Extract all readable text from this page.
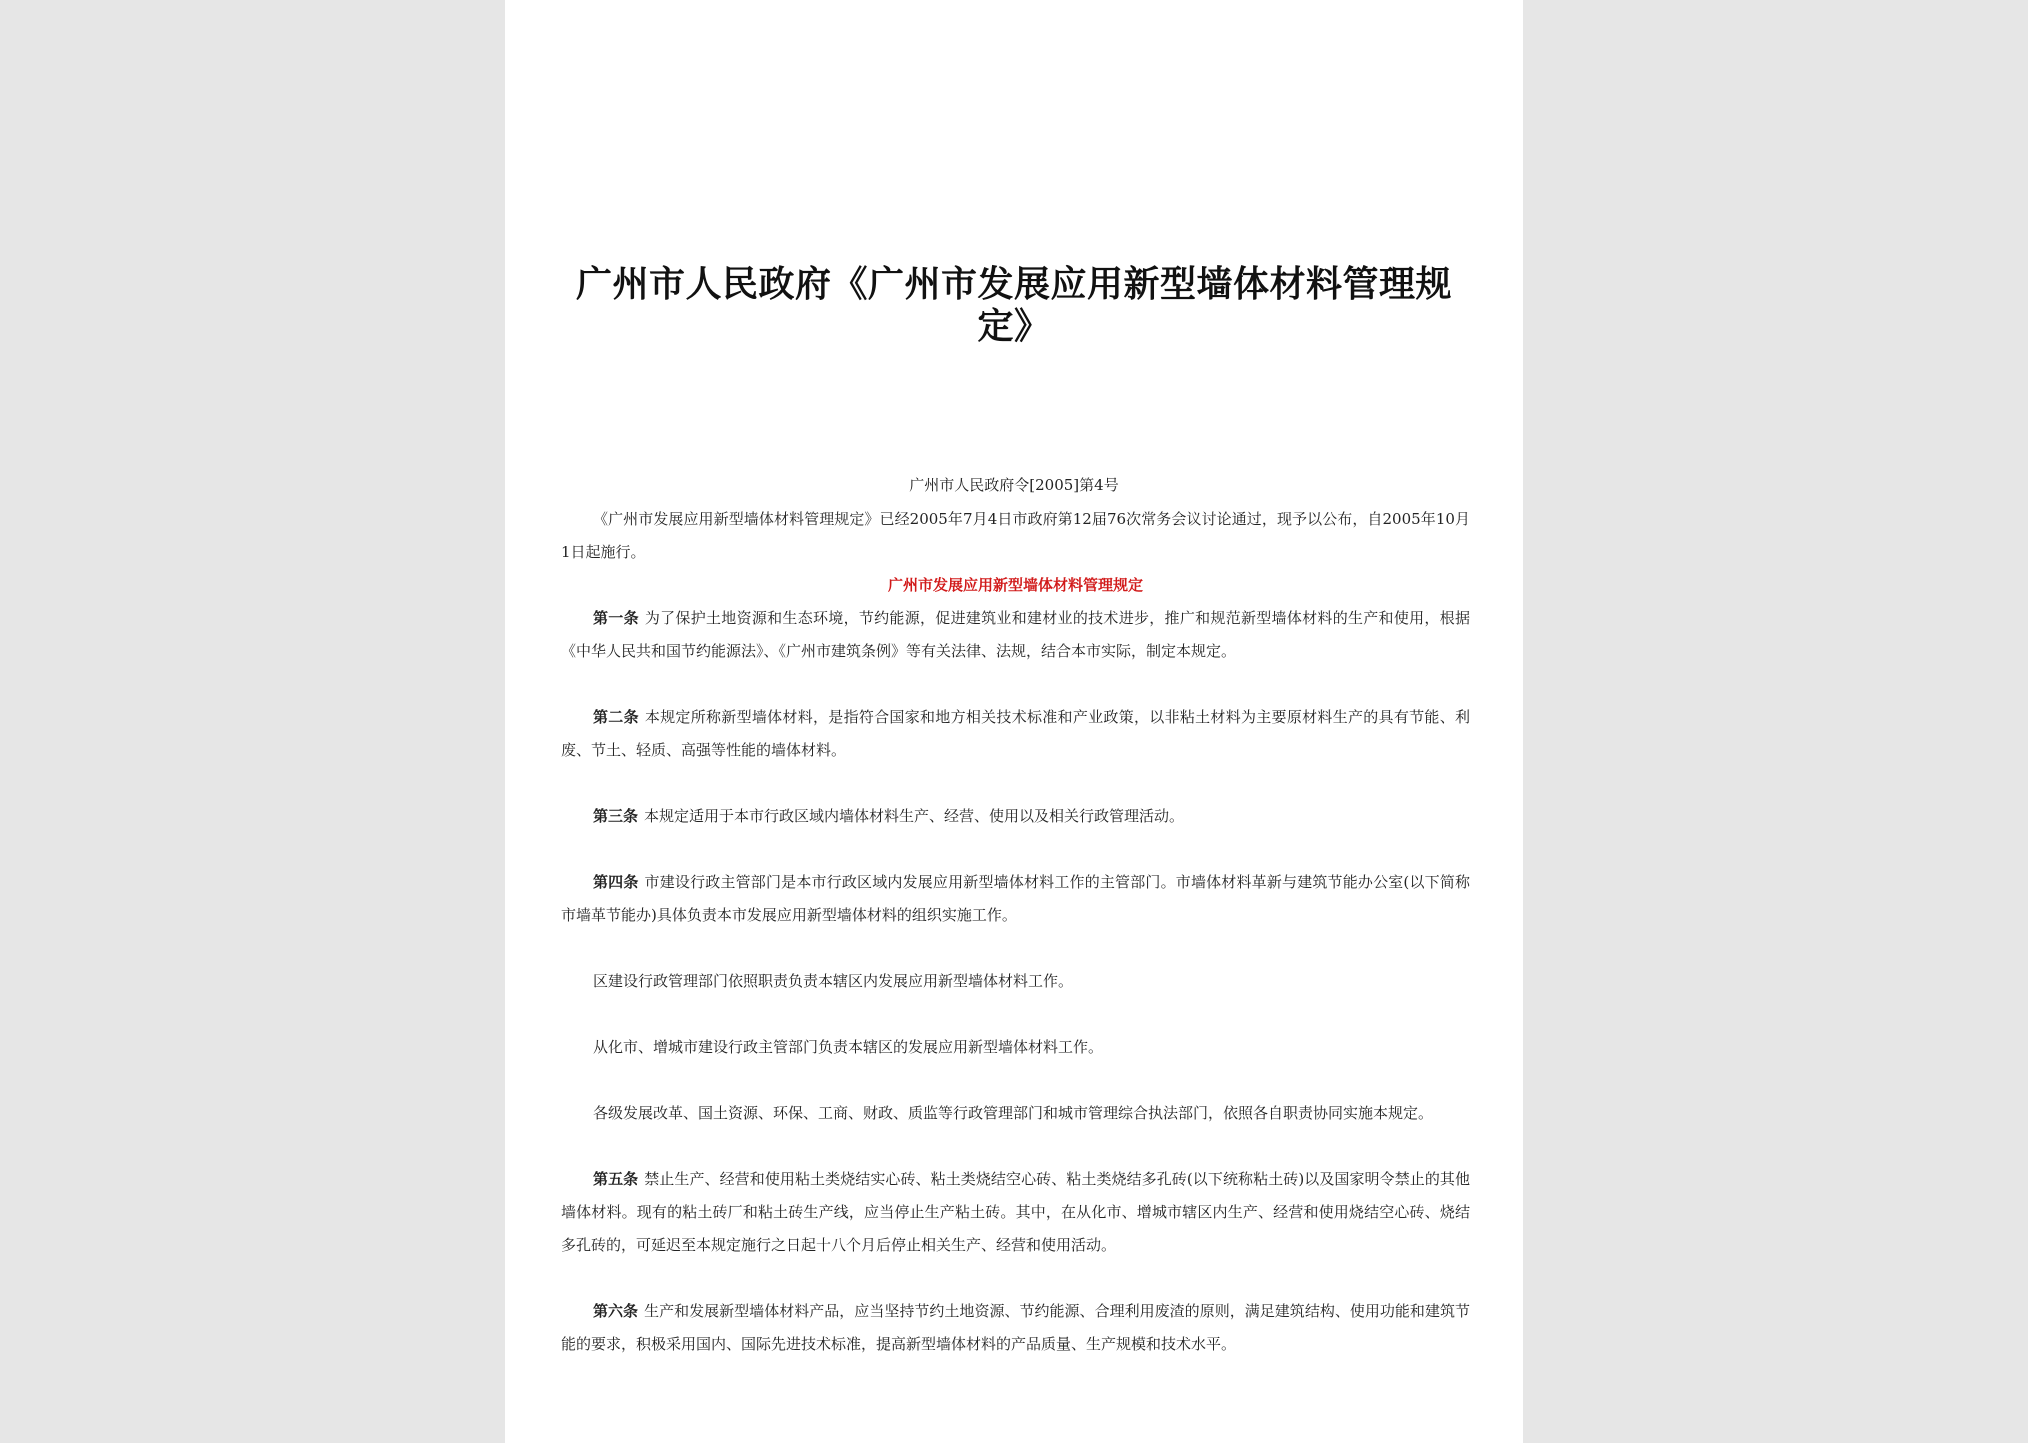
广州市人民政府《广州市发展应用新型墙体材料管理规定》
广州市人民政府令[2005]第4号

《广州市发展应用新型墙体材料管理规定》已经2005年7月4日市政府第12届76次常务会议讨论通过，现予以公布，自2005年10月1日起施行。

广州市发展应用新型墙体材料管理规定

第一条 为了保护土地资源和生态环境，节约能源，促进建筑业和建材业的技术进步，推广和规范新型墙体材料的生产和使用，根据《中华人民共和国节约能源法》、《广州市建筑条例》等有关法律、法规，结合本市实际，制定本规定。

第二条 本规定所称新型墙体材料，是指符合国家和地方相关技术标准和产业政策，以非粘土材料为主要原材料生产的具有节能、利废、节土、轻质、高强等性能的墙体材料。

第三条 本规定适用于本市行政区域内墙体材料生产、经营、使用以及相关行政管理活动。

第四条 市建设行政主管部门是本市行政区域内发展应用新型墙体材料工作的主管部门。市墙体材料革新与建筑节能办公室(以下简称市墙革节能办)具体负责本市发展应用新型墙体材料的组织实施工作。

区建设行政管理部门依照职责负责本辖区内发展应用新型墙体材料工作。

从化市、增城市建设行政主管部门负责本辖区的发展应用新型墙体材料工作。

各级发展改革、国土资源、环保、工商、财政、质监等行政管理部门和城市管理综合执法部门，依照各自职责协同实施本规定。

第五条 禁止生产、经营和使用粘土类烧结实心砖、粘土类烧结空心砖、粘土类烧结多孔砖(以下统称粘土砖)以及国家明令禁止的其他墙体材料。现有的粘土砖厂和粘土砖生产线，应当停止生产粘土砖。其中，在从化市、增城市辖区内生产、经营和使用烧结空心砖、烧结多孔砖的，可延迟至本规定施行之日起十八个月后停止相关生产、经营和使用活动。

第六条 生产和发展新型墙体材料产品，应当坚持节约土地资源、节约能源、合理利用废渣的原则，满足建筑结构、使用功能和建筑节能的要求，积极采用国内、国际先进技术标准，提高新型墙体材料的产品质量、生产规模和技术水平。
